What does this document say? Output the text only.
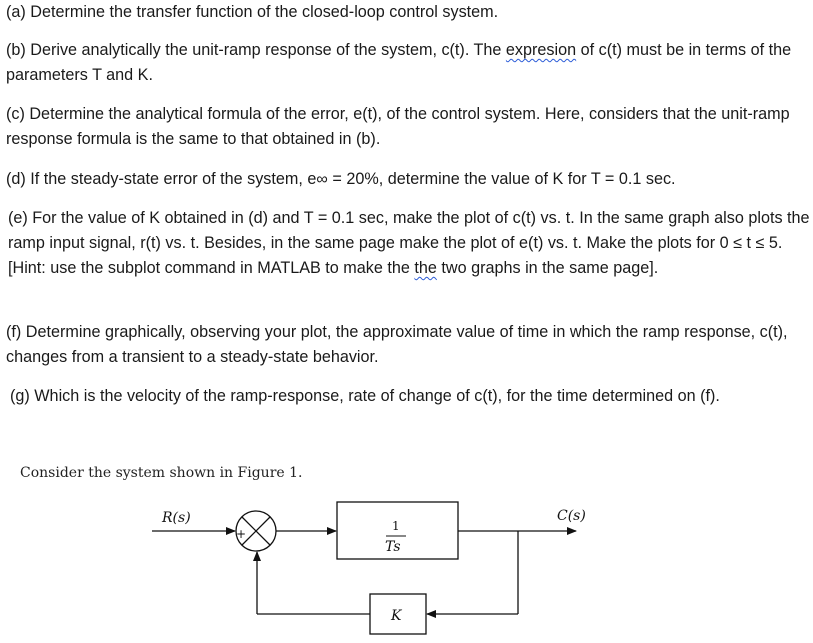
(a) Determine the transfer function of the closed-loop control system.
(b) Derive analytically the unit-ramp response of the system, c(t). The expresion of c(t) must be in terms of the parameters T and K.
(c) Determine the analytical formula of the error, e(t), of the control system. Here, considers that the unit-ramp response formula is the same to that obtained in (b).
(d) If the steady-state error of the system, e∞ = 20%, determine the value of K for T = 0.1 sec.
(e) For the value of K obtained in (d) and T = 0.1 sec, make the plot of c(t) vs. t. In the same graph also plots the ramp input signal, r(t) vs. t. Besides, in the same page make the plot of e(t) vs. t. Make the plots for 0 ≤ t ≤ 5. [Hint: use the subplot command in MATLAB to make the the two graphs in the same page].
(f) Determine graphically, observing your plot, the approximate value of time in which the ramp response, c(t), changes from a transient to a steady-state behavior.
(g) Which is the velocity of the ramp-response, rate of change of c(t), for the time determined on (f).
Consider the system shown in Figure 1.
R(s)	C(s)
+
1
Ts
K
